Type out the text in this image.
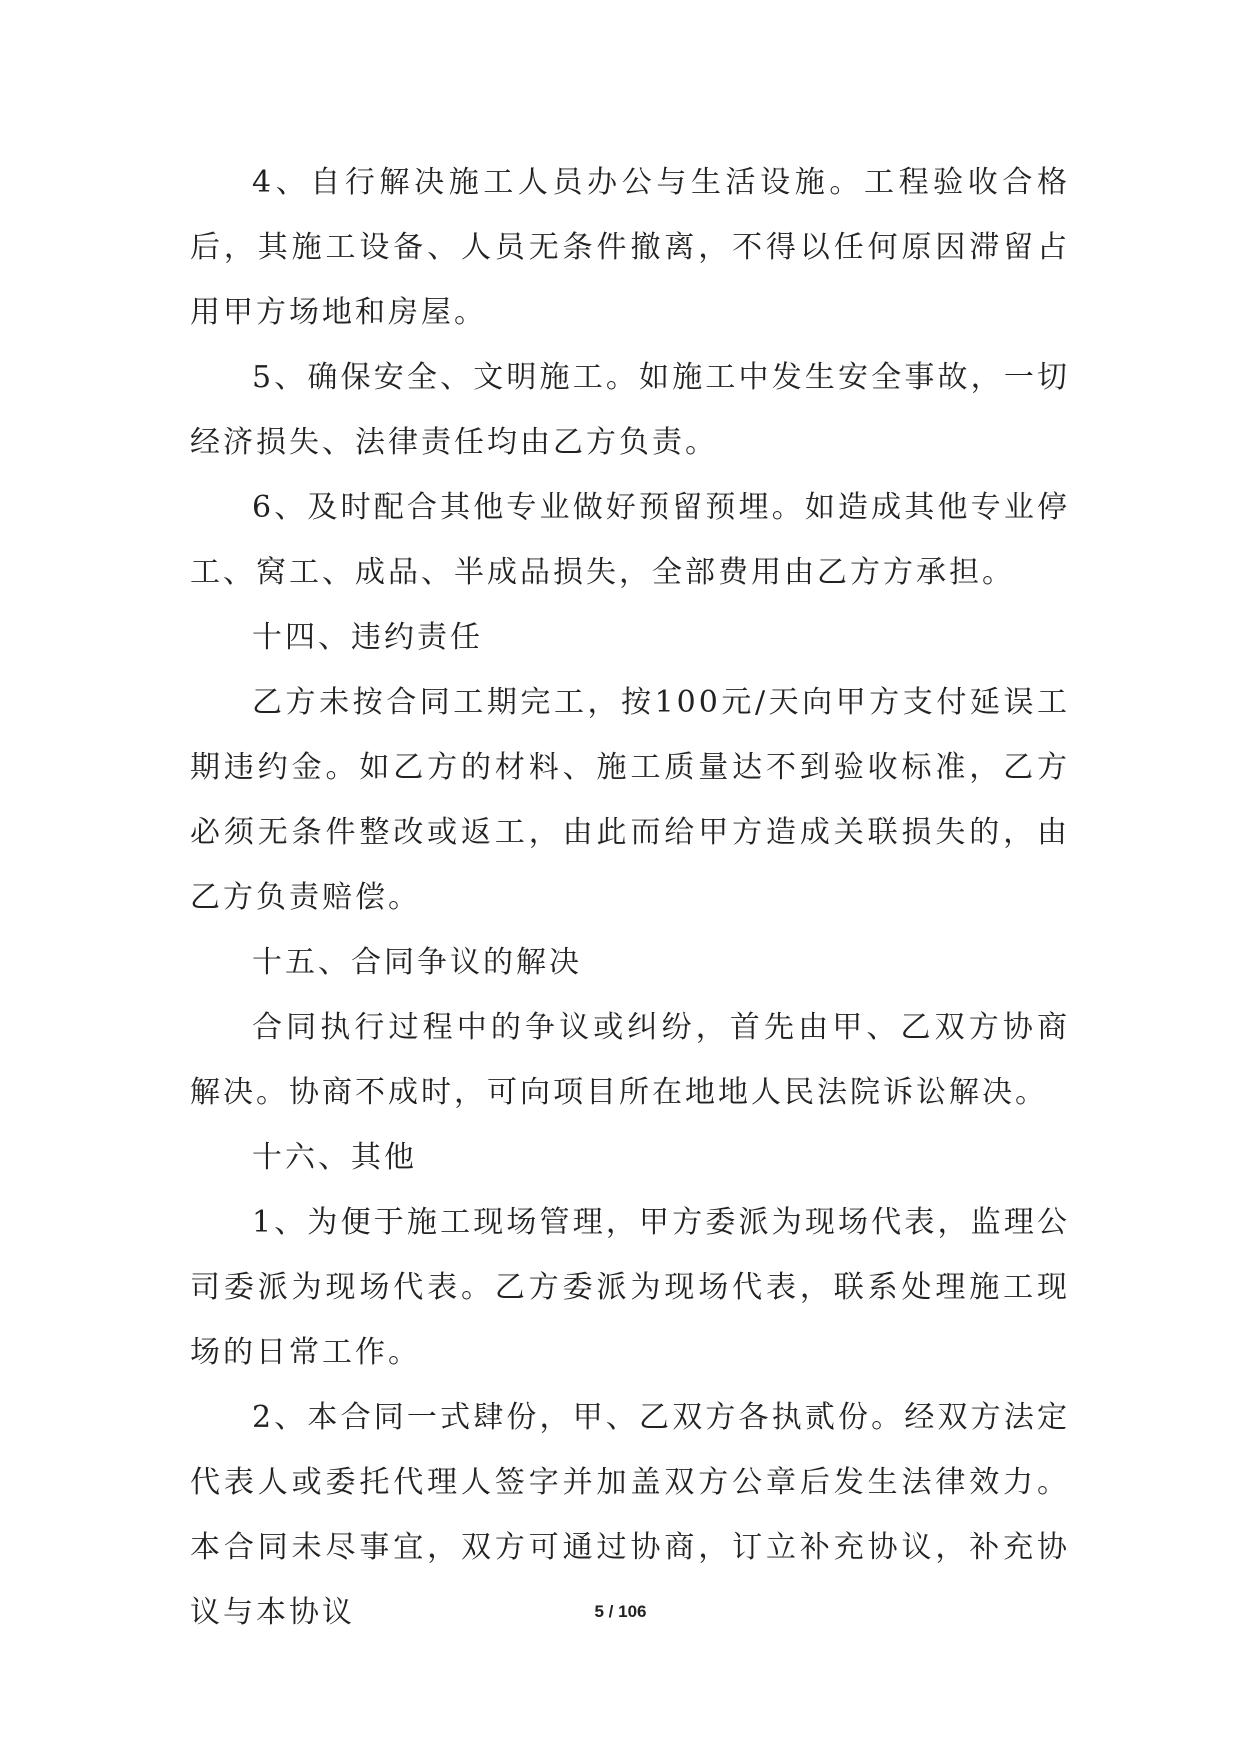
4、自行解决施工人员办公与生活设施。工程验收合格后，其施工设备、人员无条件撤离，不得以任何原因滞留占用甲方场地和房屋。

5、确保安全、文明施工。如施工中发生安全事故，一切经济损失、法律责任均由乙方负责。

6、及时配合其他专业做好预留预埋。如造成其他专业停工、窝工、成品、半成品损失，全部费用由乙方方承担。

十四、违约责任

乙方未按合同工期完工，按100元/天向甲方支付延误工期违约金。如乙方的材料、施工质量达不到验收标准，乙方必须无条件整改或返工，由此而给甲方造成关联损失的，由乙方负责赔偿。

十五、合同争议的解决

合同执行过程中的争议或纠纷，首先由甲、乙双方协商解决。协商不成时，可向项目所在地地人民法院诉讼解决。

十六、其他

1、为便于施工现场管理，甲方委派为现场代表，监理公司委派为现场代表。乙方委派为现场代表，联系处理施工现场的日常工作。

2、本合同一式肆份，甲、乙双方各执贰份。经双方法定代表人或委托代理人签字并加盖双方公章后发生法律效力。本合同未尽事宜，双方可通过协商，订立补充协议，补充协议与本协议	5 / 106
